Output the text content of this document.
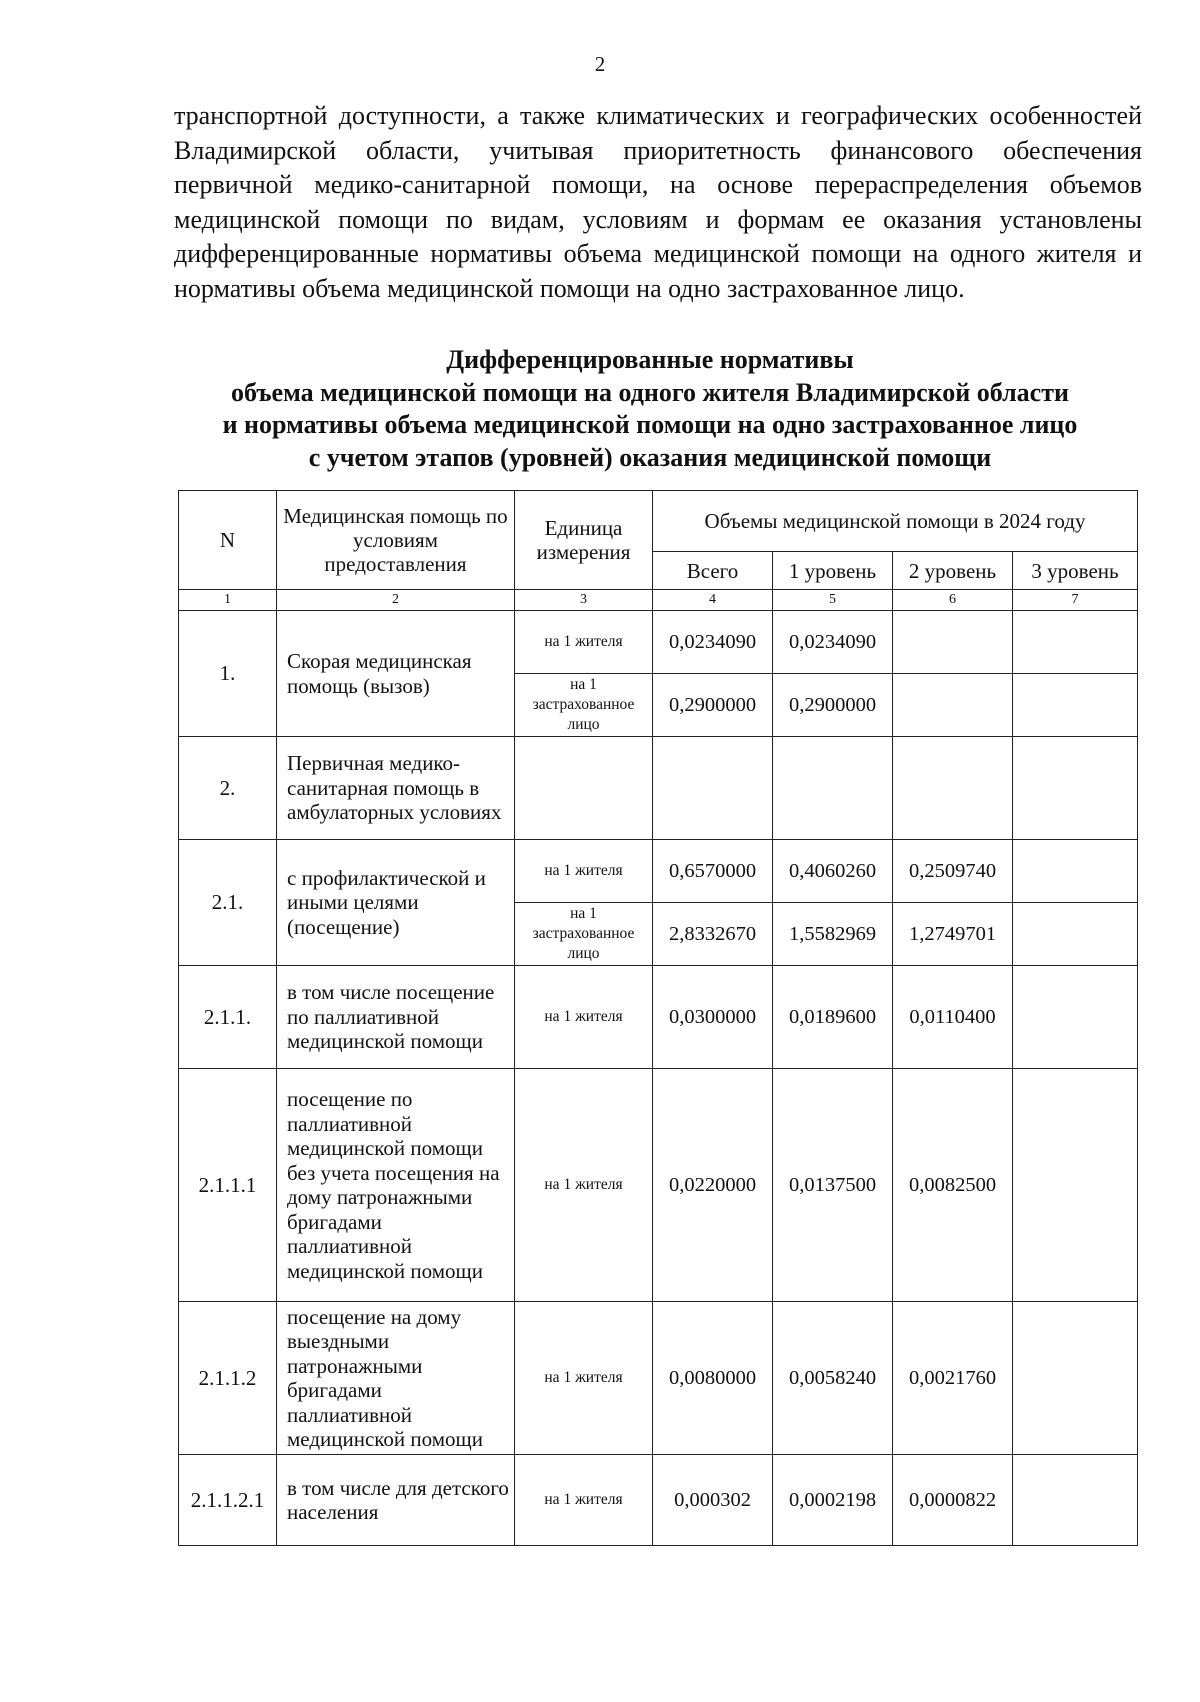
2

транспортной доступности, а также климатических и географических особенностей Владимирской области, учитывая приоритетность финансового обеспечения первичной медико-санитарной помощи, на основе перераспределения объемов медицинской помощи по видам, условиям и формам ее оказания установлены дифференцированные нормативы объема медицинской помощи на одного жителя и нормативы объема медицинской помощи на одно застрахованное лицо.

Дифференцированные нормативы
объема медицинской помощи на одного жителя Владимирской области
и нормативы объема медицинской помощи на одно застрахованное лицо
с учетом этапов (уровней) оказания медицинской помощи
N	Медицинская помощь по условиям предоставления	Единица измерения	Объемы медицинской помощи в 2024 году			
			Всего	1 уровень	2 уровень	3 уровень
1	2	3	4	5	6	7
1.	Скорая медицинская помощь (вызов)	на 1 жителя	0,0234090	0,0234090		
		на 1 застрахованное лицо	0,2900000	0,2900000		
2.	Первичная медико-санитарная помощь в амбулаторных условиях					
2.1.	с профилактической и иными целями (посещение)	на 1 жителя	0,6570000	0,4060260	0,2509740	
		на 1 застрахованное лицо	2,8332670	1,5582969	1,2749701	
2.1.1.	в том числе посещение по паллиативной медицинской помощи	на 1 жителя	0,0300000	0,0189600	0,0110400	
2.1.1.1	посещение по паллиативной медицинской помощи без учета посещения на дому патронажными бригадами паллиативной медицинской помощи	на 1 жителя	0,0220000	0,0137500	0,0082500	
2.1.1.2	посещение на дому выездными патронажными бригадами паллиативной медицинской помощи	на 1 жителя	0,0080000	0,0058240	0,0021760	
2.1.1.2.1	в том числе для детского населения	на 1 жителя	0,000302	0,0002198	0,0000822	
